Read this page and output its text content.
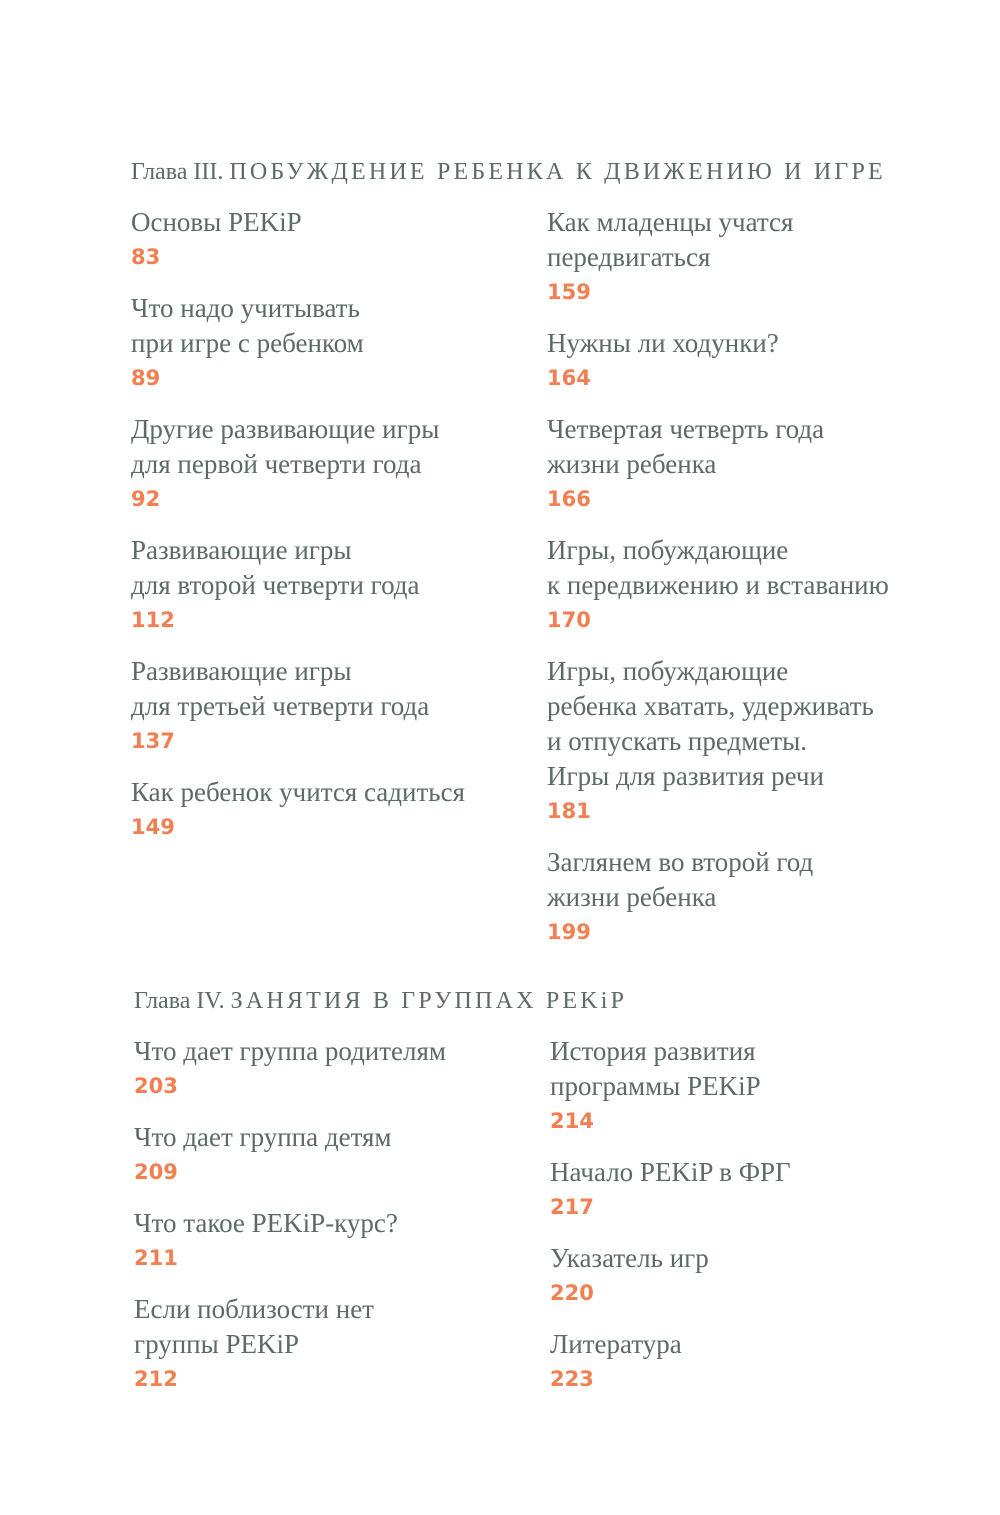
Глава III. ПОБУЖДЕНИЕ РЕБЕНКА К ДВИЖЕНИЮ И ИГРЕ
Основы PEKiP
83
Что надо учитывать
при игре с ребенком
89
Другие развивающие игры
для первой четверти года
92
Развивающие игры
для второй четверти года
112
Развивающие игры
для третьей четверти года
137
Как ребенок учится садиться
149
Как младенцы учатся
передвигаться
159
Нужны ли ходунки?
164
Четвертая четверть года
жизни ребенка
166
Игры, побуждающие
к передвижению и вставанию
170
Игры, побуждающие
ребенка хватать, удерживать
и отпускать предметы.
Игры для развития речи
181
Заглянем во второй год
жизни ребенка
199
Глава IV. ЗАНЯТИЯ В ГРУППАХ PEKiP
Что дает группа родителям
203
Что дает группа детям
209
Что такое PEKiP-курс?
211
Если поблизости нет
группы PEKiP
212
История развития
программы PEKiP
214
Начало PEKiP в ФРГ
217
Указатель игр
220
Литература
223
